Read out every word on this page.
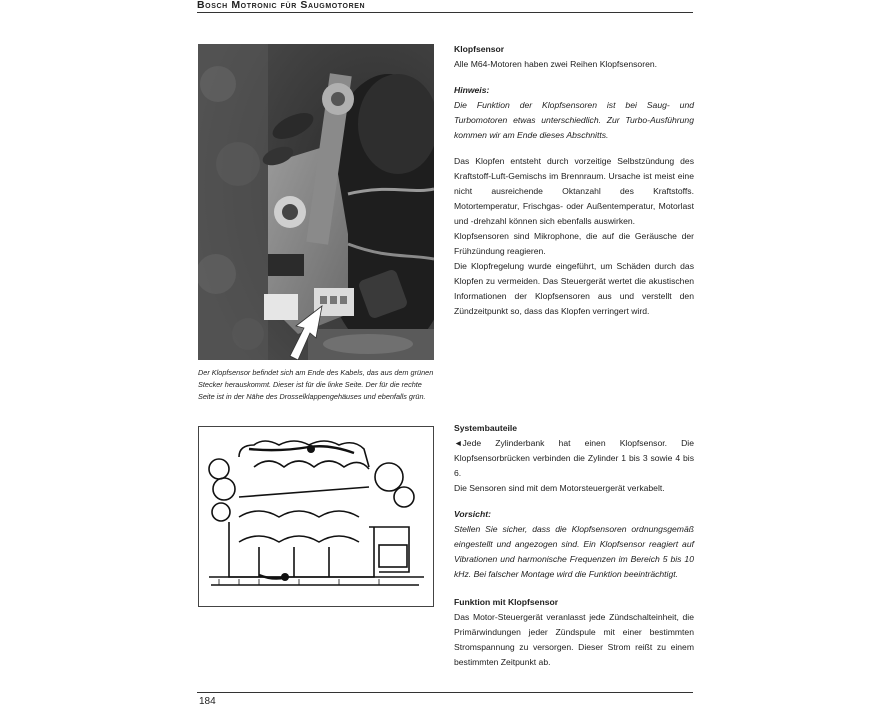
Bosch Motronic für Saugmotoren
Der Klopfsensor befindet sich am Ende des Kabels, das aus dem grünen Stecker herauskommt. Dieser ist für die linke Seite. Der für die rechte Seite ist in der Nähe des Drosselklappengehäuses und ebenfalls grün.

Klopfsensor

Alle M64-Motoren haben zwei Reihen Klopfsensoren.

Hinweis:

Die Funktion der Klopfsensoren ist bei Saug- und Turbomotoren etwas unterschiedlich. Zur Turbo-Ausführung kommen wir am Ende dieses Abschnitts.

Das Klopfen entsteht durch vorzeitige Selbstzündung des Kraftstoff-Luft-Gemischs im Brennraum. Ursache ist meist eine nicht ausreichende Oktanzahl des Kraftstoffs. Motortemperatur, Frischgas- oder Außentemperatur, Motorlast und -drehzahl können sich ebenfalls auswirken.

Klopfsensoren sind Mikrophone, die auf die Geräusche der Frühzündung reagieren.

Die Klopfregelung wurde eingeführt, um Schäden durch das Klopfen zu vermeiden. Das Steuergerät wertet die akustischen Informationen der Klopfsensoren aus und verstellt den Zündzeitpunkt so, dass das Klopfen verringert wird.

Systembauteile

◄Jede Zylinderbank hat einen Klopfsensor. Die Klopfsensorbrücken verbinden die Zylinder 1 bis 3 sowie 4 bis 6.

Die Sensoren sind mit dem Motorsteuergerät verkabelt.

Vorsicht:

Stellen Sie sicher, dass die Klopfsensoren ordnungsgemäß eingestellt und angezogen sind. Ein Klopfsensor reagiert auf Vibrationen und harmonische Frequenzen im Bereich 5 bis 10 kHz. Bei falscher Montage wird die Funktion beeinträchtigt.

Funktion mit Klopfsensor

Das Motor-Steuergerät veranlasst jede Zündschalteinheit, die Primärwindungen jeder Zündspule mit einer bestimmten Stromspannung zu versorgen. Dieser Strom reißt zu einem bestimmten Zeitpunkt ab.

184
